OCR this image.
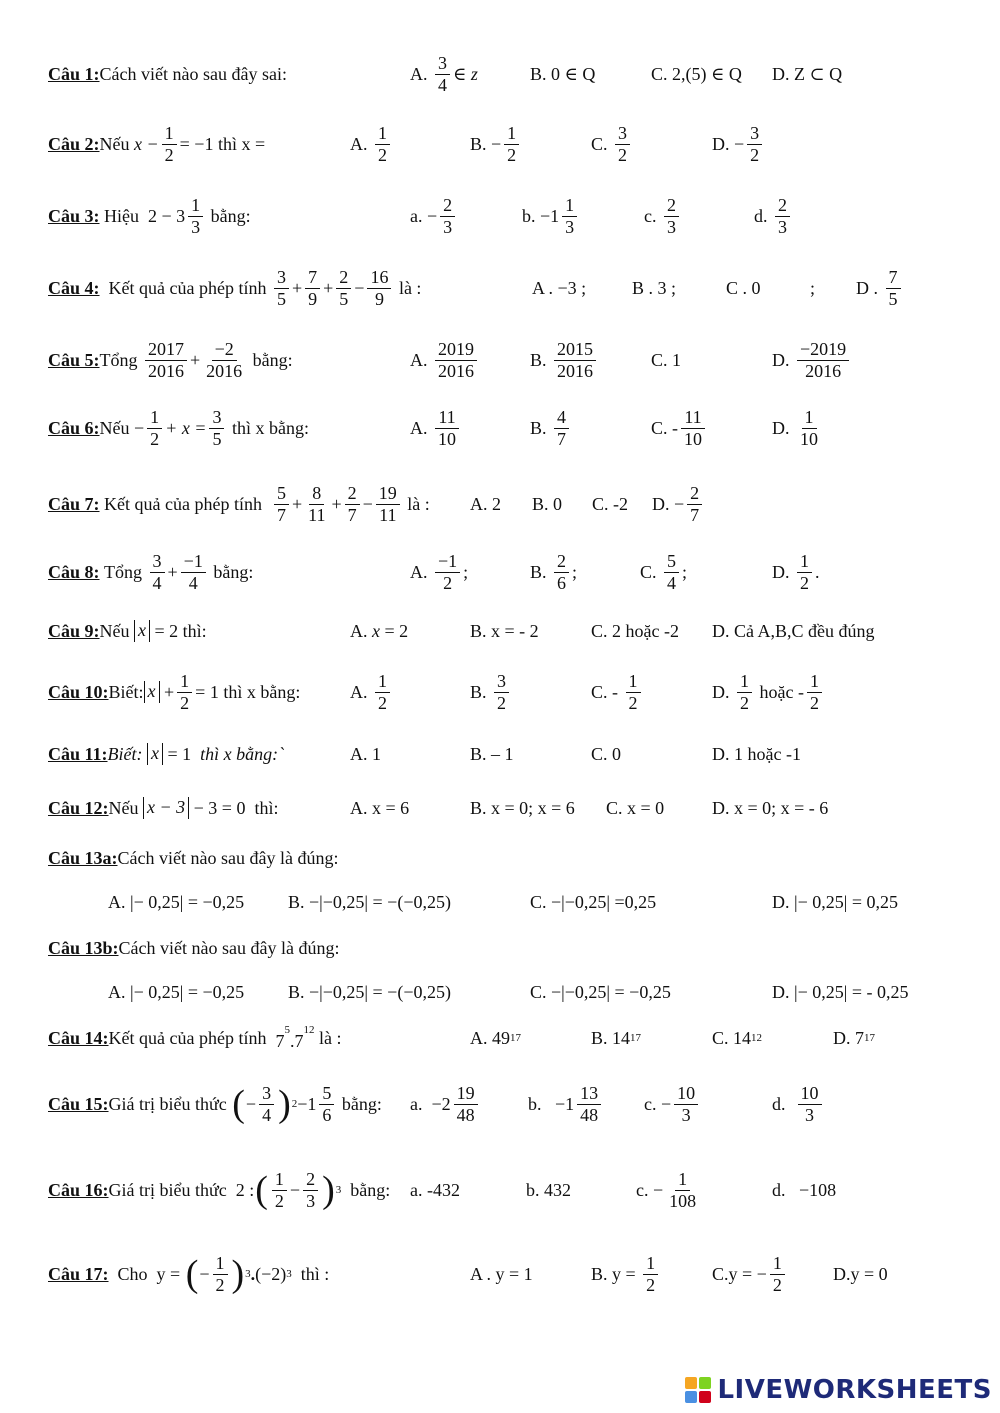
Câu 1: Cách viết nào sau đây sai:	A.
$\frac{3}{4}$ ∈ z	B. 0 ∈ Q	C. 2,(5) ∈ Q D. Z ⊂ Q
Câu 2: Nếu
$x - \frac{1}{2} = -1$
thì x =	A.
$\frac{1}{2}$	B. − $\frac{1}{2}$	C.
$\frac{3}{2}$	D. − $\frac{3}{2}$
Câu 3:
Hiệu
$2 - 3 \frac{1}{3}$
bằng:	a. − $\frac{2}{3}$	b.
$-1 \frac{1}{3}$	c.
$\frac{2}{3}$	d.
$\frac{2}{3}$
Câu 4:
Kết quả của phép tính
$\frac{3}{5} + \frac{7}{9} + \frac{2}{5} - \frac{16}{9}$
là :	A . −3 ;	B . 3 ;	C . 0	; D .
$\frac{7}{5}$
Câu 5: Tổng
$\frac{2017}{2016} + \frac{-2}{2016}$
bằng:	A.
$\frac{2019}{2016}$	B.
$\frac{2015}{2016}$	C. 1	D.
$\frac{-2019}{2016}$
Câu 6: Nếu − $\frac{1}{2} + x = \frac{3}{5}$
thì x bằng:	A.
$\frac{11}{10}$	B.
$\frac{4}{7}$	C. - $\frac{11}{10}$	D.
$\frac{1}{10}$
Câu 7:
Kết quả của phép tính
$\frac{5}{7} + \frac{8}{11} + \frac{2}{7} - \frac{19}{11}$
là : A. 2 B. 0 C. -2 D. − $\frac{2}{7}$
Câu 8:
Tổng
$\frac{3}{4} + \frac{-1}{4}$
bằng:	A.
$\frac{-1}{2}$ ;	B.
$\frac{2}{6}$ ;	C.
$\frac{5}{4}$ ;	D.
$\frac{1}{2}$ .
Câu 9: Nếu
x = 2 thì:	A.
x = 2	B. x = - 2	C. 2 hoặc -2 D. Cả A,B,C đều đúng
Câu 10: Biết: $x + \frac{1}{2} = 1$ thì x bằng:	A.
$\frac{1}{2}$	B.
$\frac{3}{2}$	C. -
$\frac{1}{2}$	D.
$\frac{1}{2}$
hoặc - $\frac{1}{2}$
Câu 11: Biết:
x = 1 thì x bằng:`	A. 1	B. – 1	C. 0	D. 1 hoặc -1
Câu 12: Nếu
x − 3 − 3 = 0 thì:	A. x = 6	B. x = 0; x = 6 C. x = 0	D. x = 0; x = - 6
Câu 13a: Cách viết nào sau đây là đúng:
A. |− 0,25| = −0,25 B. −|−0,25| = −(−0,25)	C. −|−0,25| =0,25	D. |− 0,25| = 0,25
Câu 13b: Cách viết nào sau đây là đúng:
A. |− 0,25| = −0,25 B. −|−0,25| = −(−0,25)	C. −|−0,25| = −0,25	D. |− 0,25| = - 0,25
Câu 14: Kết quả của phép tính
$7^5.7^{12}$
là :	A. 49 17	B. 14 17	C. 14 12	D. 7 17
Câu 15: Giá trị biểu thức
( − $\frac{3}{4}$ ) $2 -1 \frac{5}{6}$
bằng: a. $-2 \frac{19}{48}$	b. $-1 \frac{13}{48} c$. − $\frac{10}{3}$	d.
$\frac{10}{3}$
Câu 16: Giá trị biểu thức 2 : ( $\frac{1}{2} - \frac{2}{3}$ ) 3
bằng: a. -432	b. 432	c. − $\frac{1}{108}$	d. −108
Câu 17:
Cho y = ( − $\frac{1}{2}$ ) 3 . (−2) 3
thì :	A . y = 1	B. y =
$\frac{1}{2}$	C.y = − $\frac{1}{2}$	D.y = 0
LIVEWORKSHEETS
